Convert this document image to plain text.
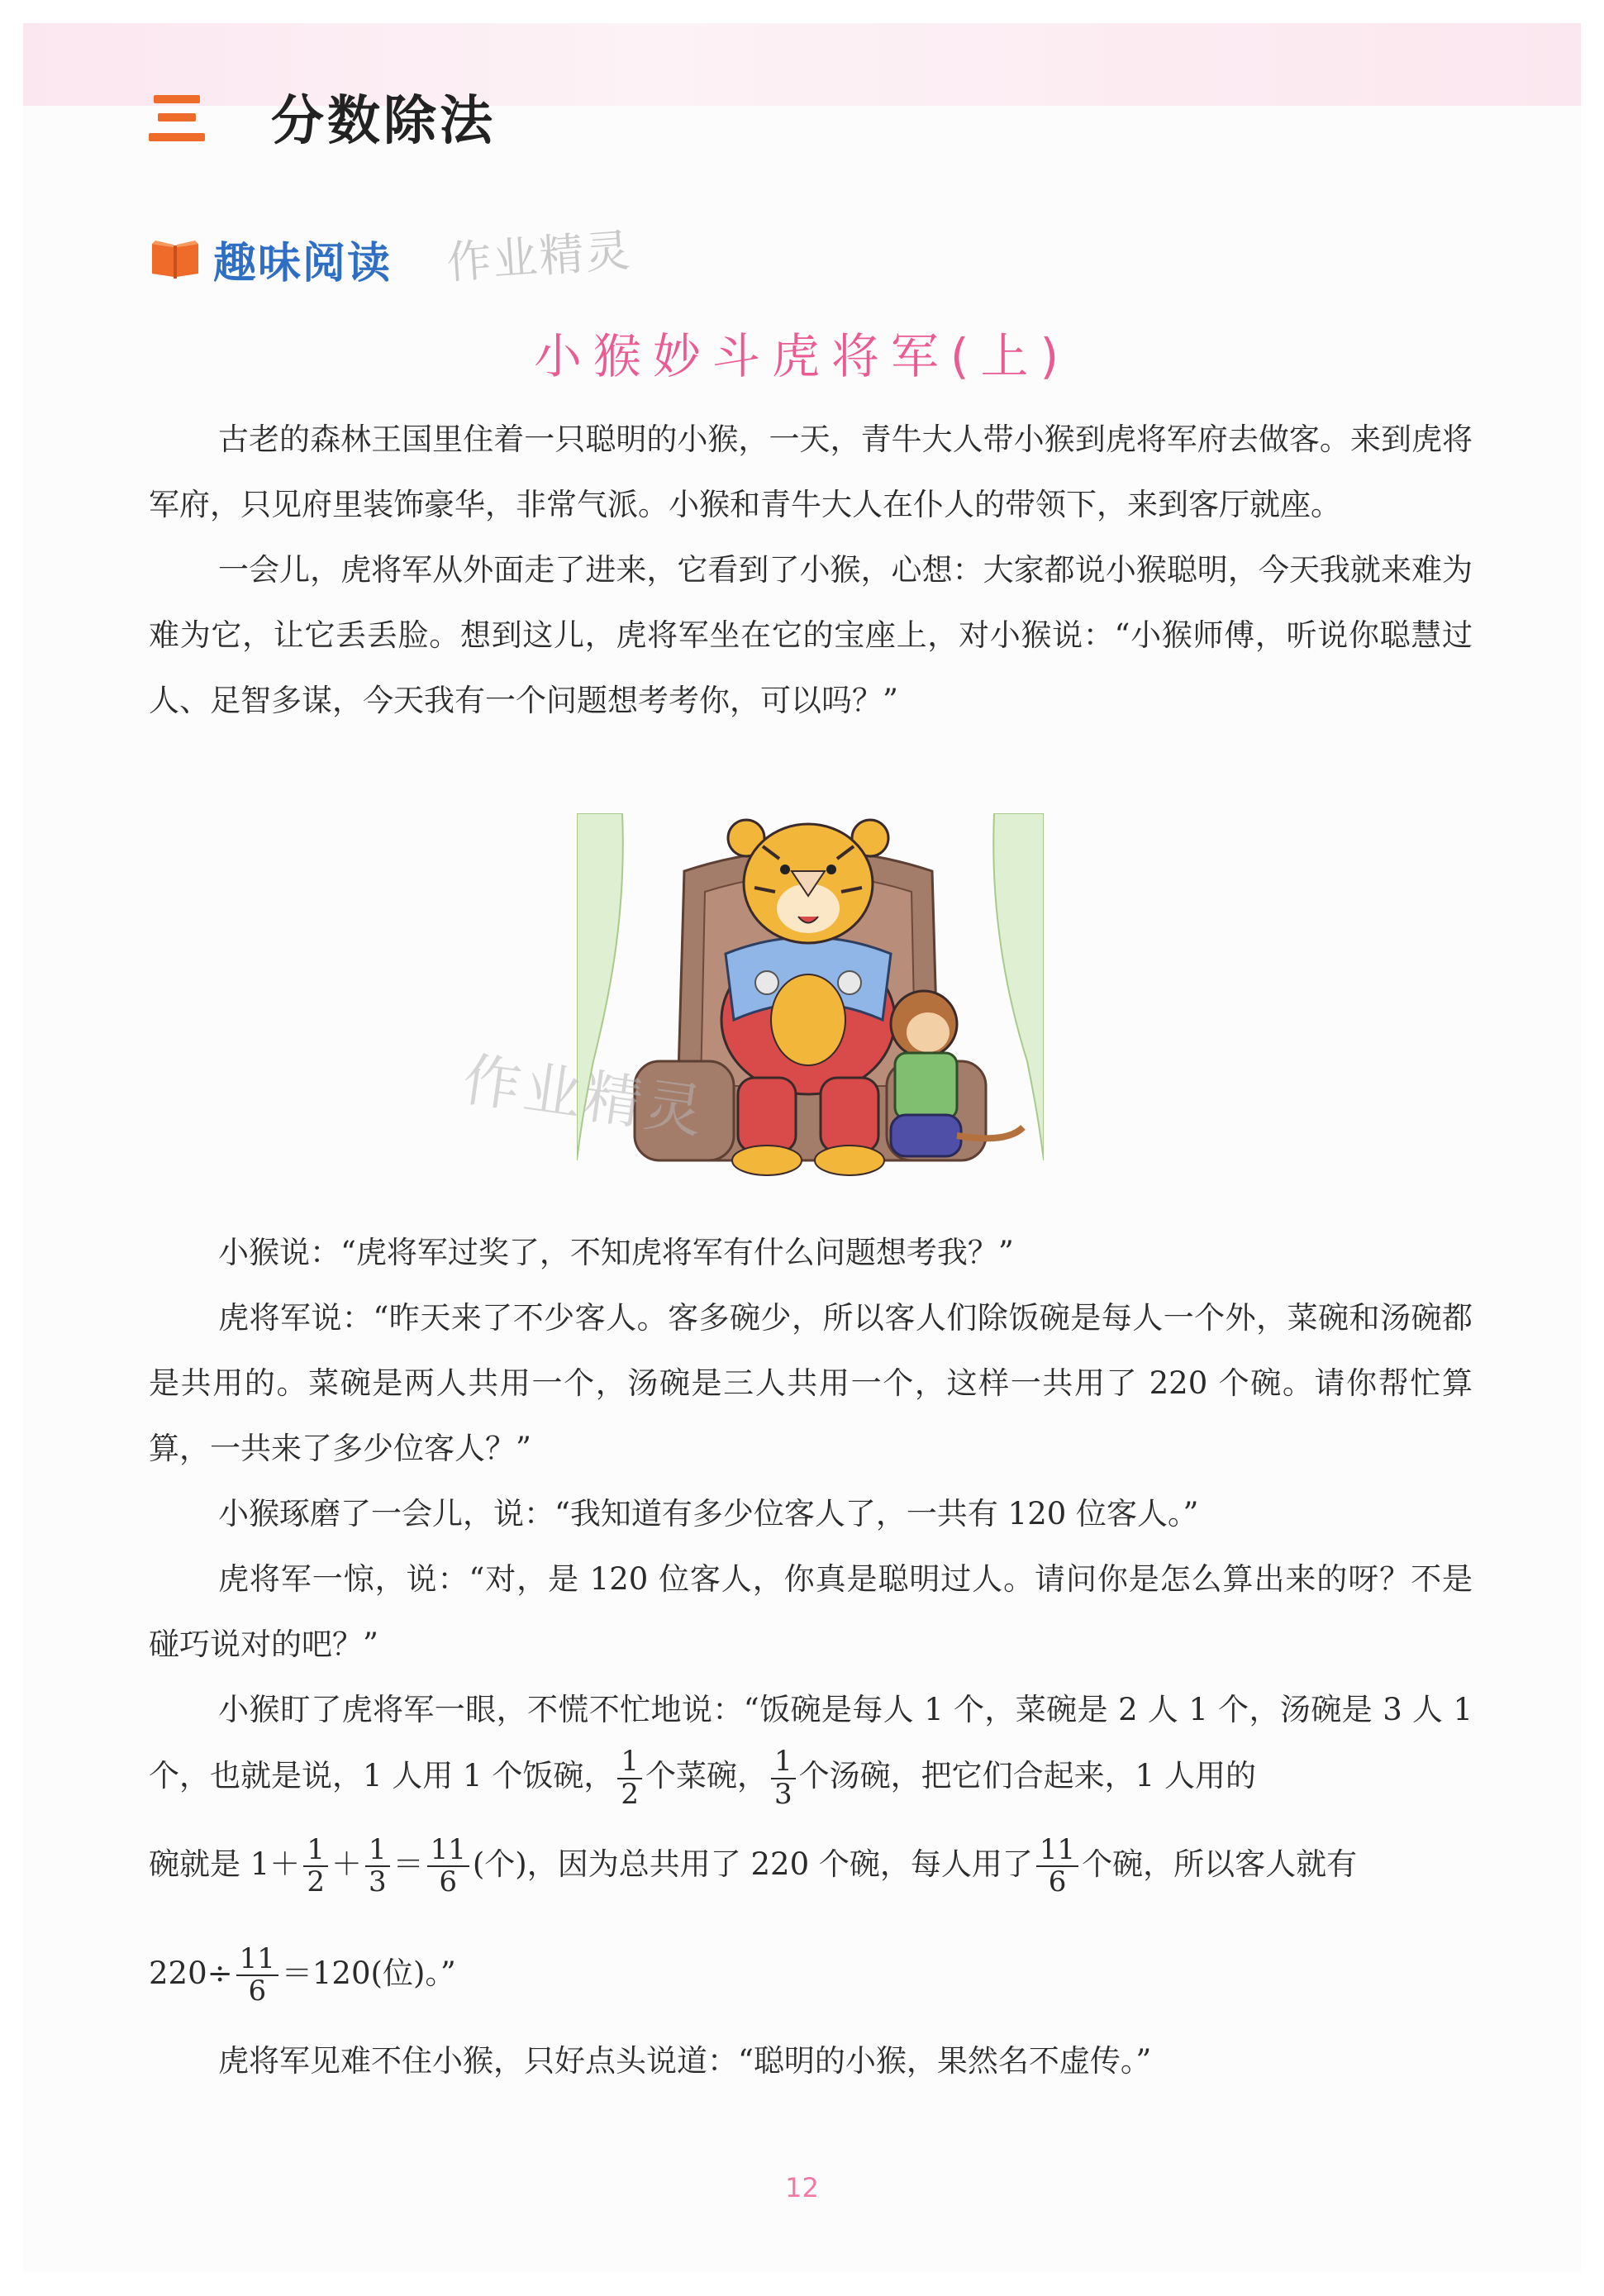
分数除法
趣味阅读 作业精灵
小猴妙斗虎将军(上)

古老的森林王国里住着一只聪明的小猴，一天，青牛大人带小猴到虎将军府去做客。来到虎将军府，只见府里装饰豪华，非常气派。小猴和青牛大人在仆人的带领下，来到客厅就座。

一会儿，虎将军从外面走了进来，它看到了小猴，心想：大家都说小猴聪明，今天我就来难为难为它，让它丢丢脸。想到这儿，虎将军坐在它的宝座上，对小猴说：“小猴师傅，听说你聪慧过人、足智多谋，今天我有一个问题想考考你，可以吗？”

作业精灵

小猴说：“虎将军过奖了，不知虎将军有什么问题想考我？”

虎将军说：“昨天来了不少客人。客多碗少，所以客人们除饭碗是每人一个外，菜碗和汤碗都是共用的。菜碗是两人共用一个，汤碗是三人共用一个，这样一共用了 220 个碗。请你帮忙算算，一共来了多少位客人？”

小猴琢磨了一会儿，说：“我知道有多少位客人了，一共有 120 位客人。”

虎将军一惊，说：“对，是 120 位客人，你真是聪明过人。请问你是怎么算出来的呀？不是碰巧说对的吧？”

小猴盯了虎将军一眼，不慌不忙地说：“饭碗是每人 1 个，菜碗是 2 人 1 个，汤碗是 3 人 1 个，也就是说，1 人用 1 个饭碗， $\frac{1}{2}$ 个菜碗， $\frac{1}{3}$ 个汤碗，把它们合起来，1 人用的

碗就是 $1+ \frac{1}{2} + \frac{1}{3} = \frac{11}{6}$ (个)，因为总共用了 220 个碗，每人用了 $\frac{11}{6}$ 个碗，所以客人就有

$220\div \frac{11}{6} =120$(位)。”

虎将军见难不住小猴，只好点头说道：“聪明的小猴，果然名不虚传。”

12
